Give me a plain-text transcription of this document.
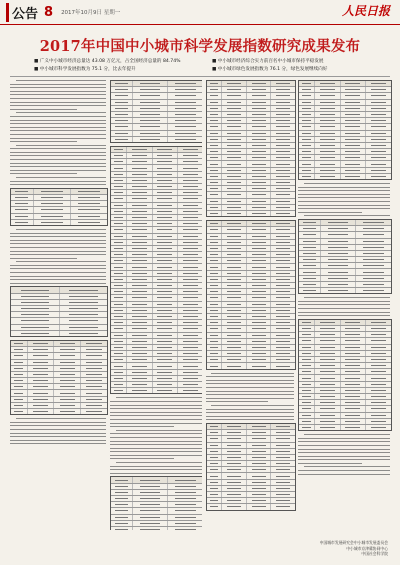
公告 8 2017年10月9日 星期一	人民日报
2017年中国中小城市科学发展指数研究成果发布
■ 广义中小城市经济总量达 43.08 万亿元，占全国经济总量的 84.74%
■ 中小城市科学发展指数为 75.1 分，比去年提升
■ 中小城市经济综合实力前百名中小城市保持平稳发展
■ 中小城市绿色发展指数为 76.1 分，绿色发展继续向好
中国城市发展研究会中小城市发展委员会
中小城市京津冀协同中心
中国社会科学院
